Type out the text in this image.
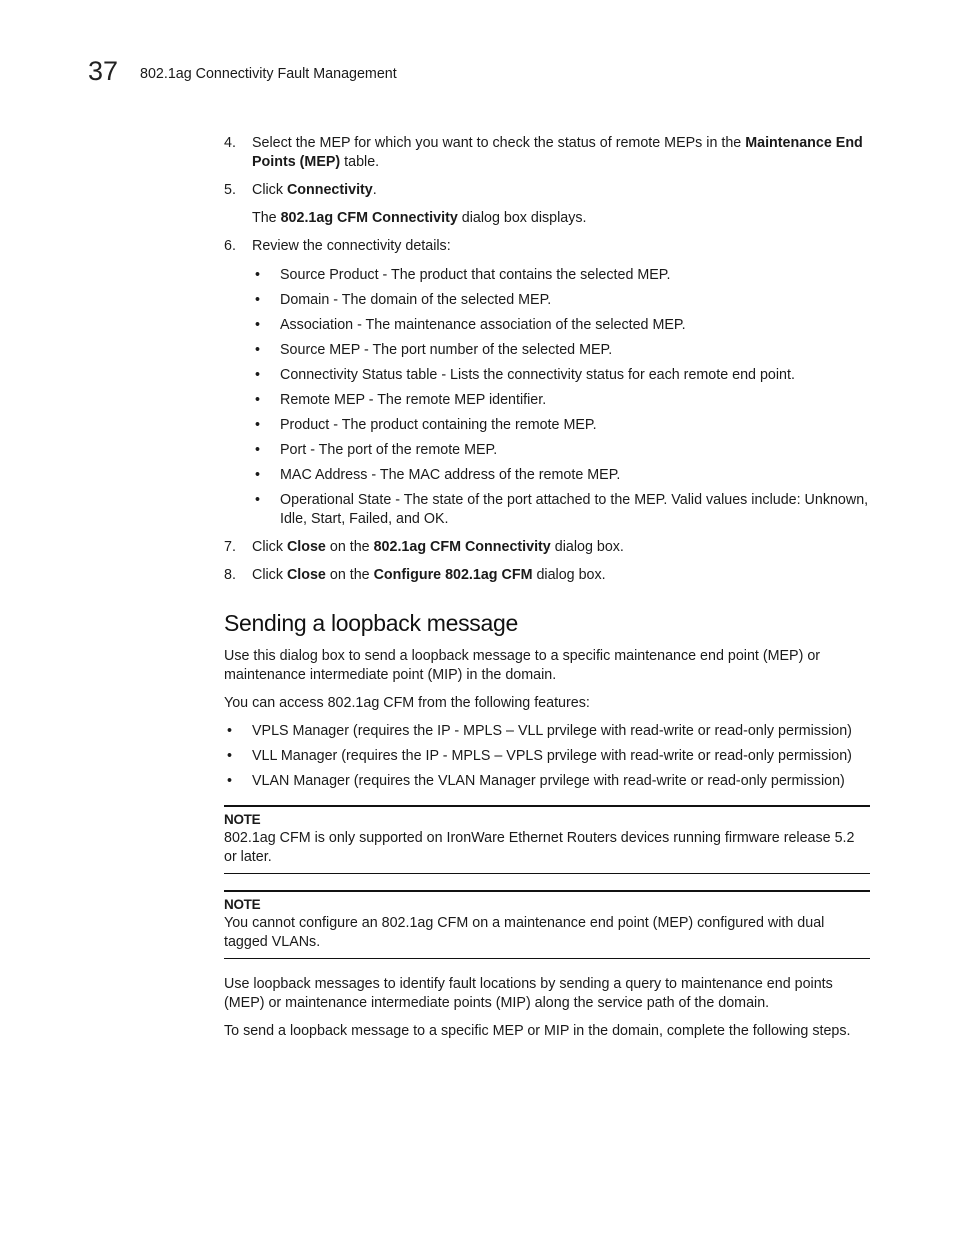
37 802.1ag Connectivity Fault Management
4. Select the MEP for which you want to check the status of remote MEPs in the Maintenance End Points (MEP) table.
5. Click Connectivity.

The 802.1ag CFM Connectivity dialog box displays.

6. Review the connectivity details:
• Source Product - The product that contains the selected MEP.
• Domain - The domain of the selected MEP.
• Association - The maintenance association of the selected MEP.
• Source MEP - The port number of the selected MEP.
• Connectivity Status table - Lists the connectivity status for each remote end point.
• Remote MEP - The remote MEP identifier.
• Product - The product containing the remote MEP.
• Port - The port of the remote MEP.
• MAC Address - The MAC address of the remote MEP.
• Operational State - The state of the port attached to the MEP. Valid values include: Unknown, Idle, Start, Failed, and OK.
7. Click Close on the 802.1ag CFM Connectivity dialog box.
8. Click Close on the Configure 802.1ag CFM dialog box.
Sending a loopback message

Use this dialog box to send a loopback message to a specific maintenance end point (MEP) or maintenance intermediate point (MIP) in the domain.

You can access 802.1ag CFM from the following features:

• VPLS Manager (requires the IP - MPLS – VLL prvilege with read-write or read-only permission)
• VLL Manager (requires the IP - MPLS – VPLS prvilege with read-write or read-only permission)
• VLAN Manager (requires the VLAN Manager prvilege with read-write or read-only permission)
NOTE
802.1ag CFM is only supported on IronWare Ethernet Routers devices running firmware release 5.2 or later.
NOTE
You cannot configure an 802.1ag CFM on a maintenance end point (MEP) configured with dual tagged VLANs.

Use loopback messages to identify fault locations by sending a query to maintenance end points (MEP) or maintenance intermediate points (MIP) along the service path of the domain.

To send a loopback message to a specific MEP or MIP in the domain, complete the following steps.
